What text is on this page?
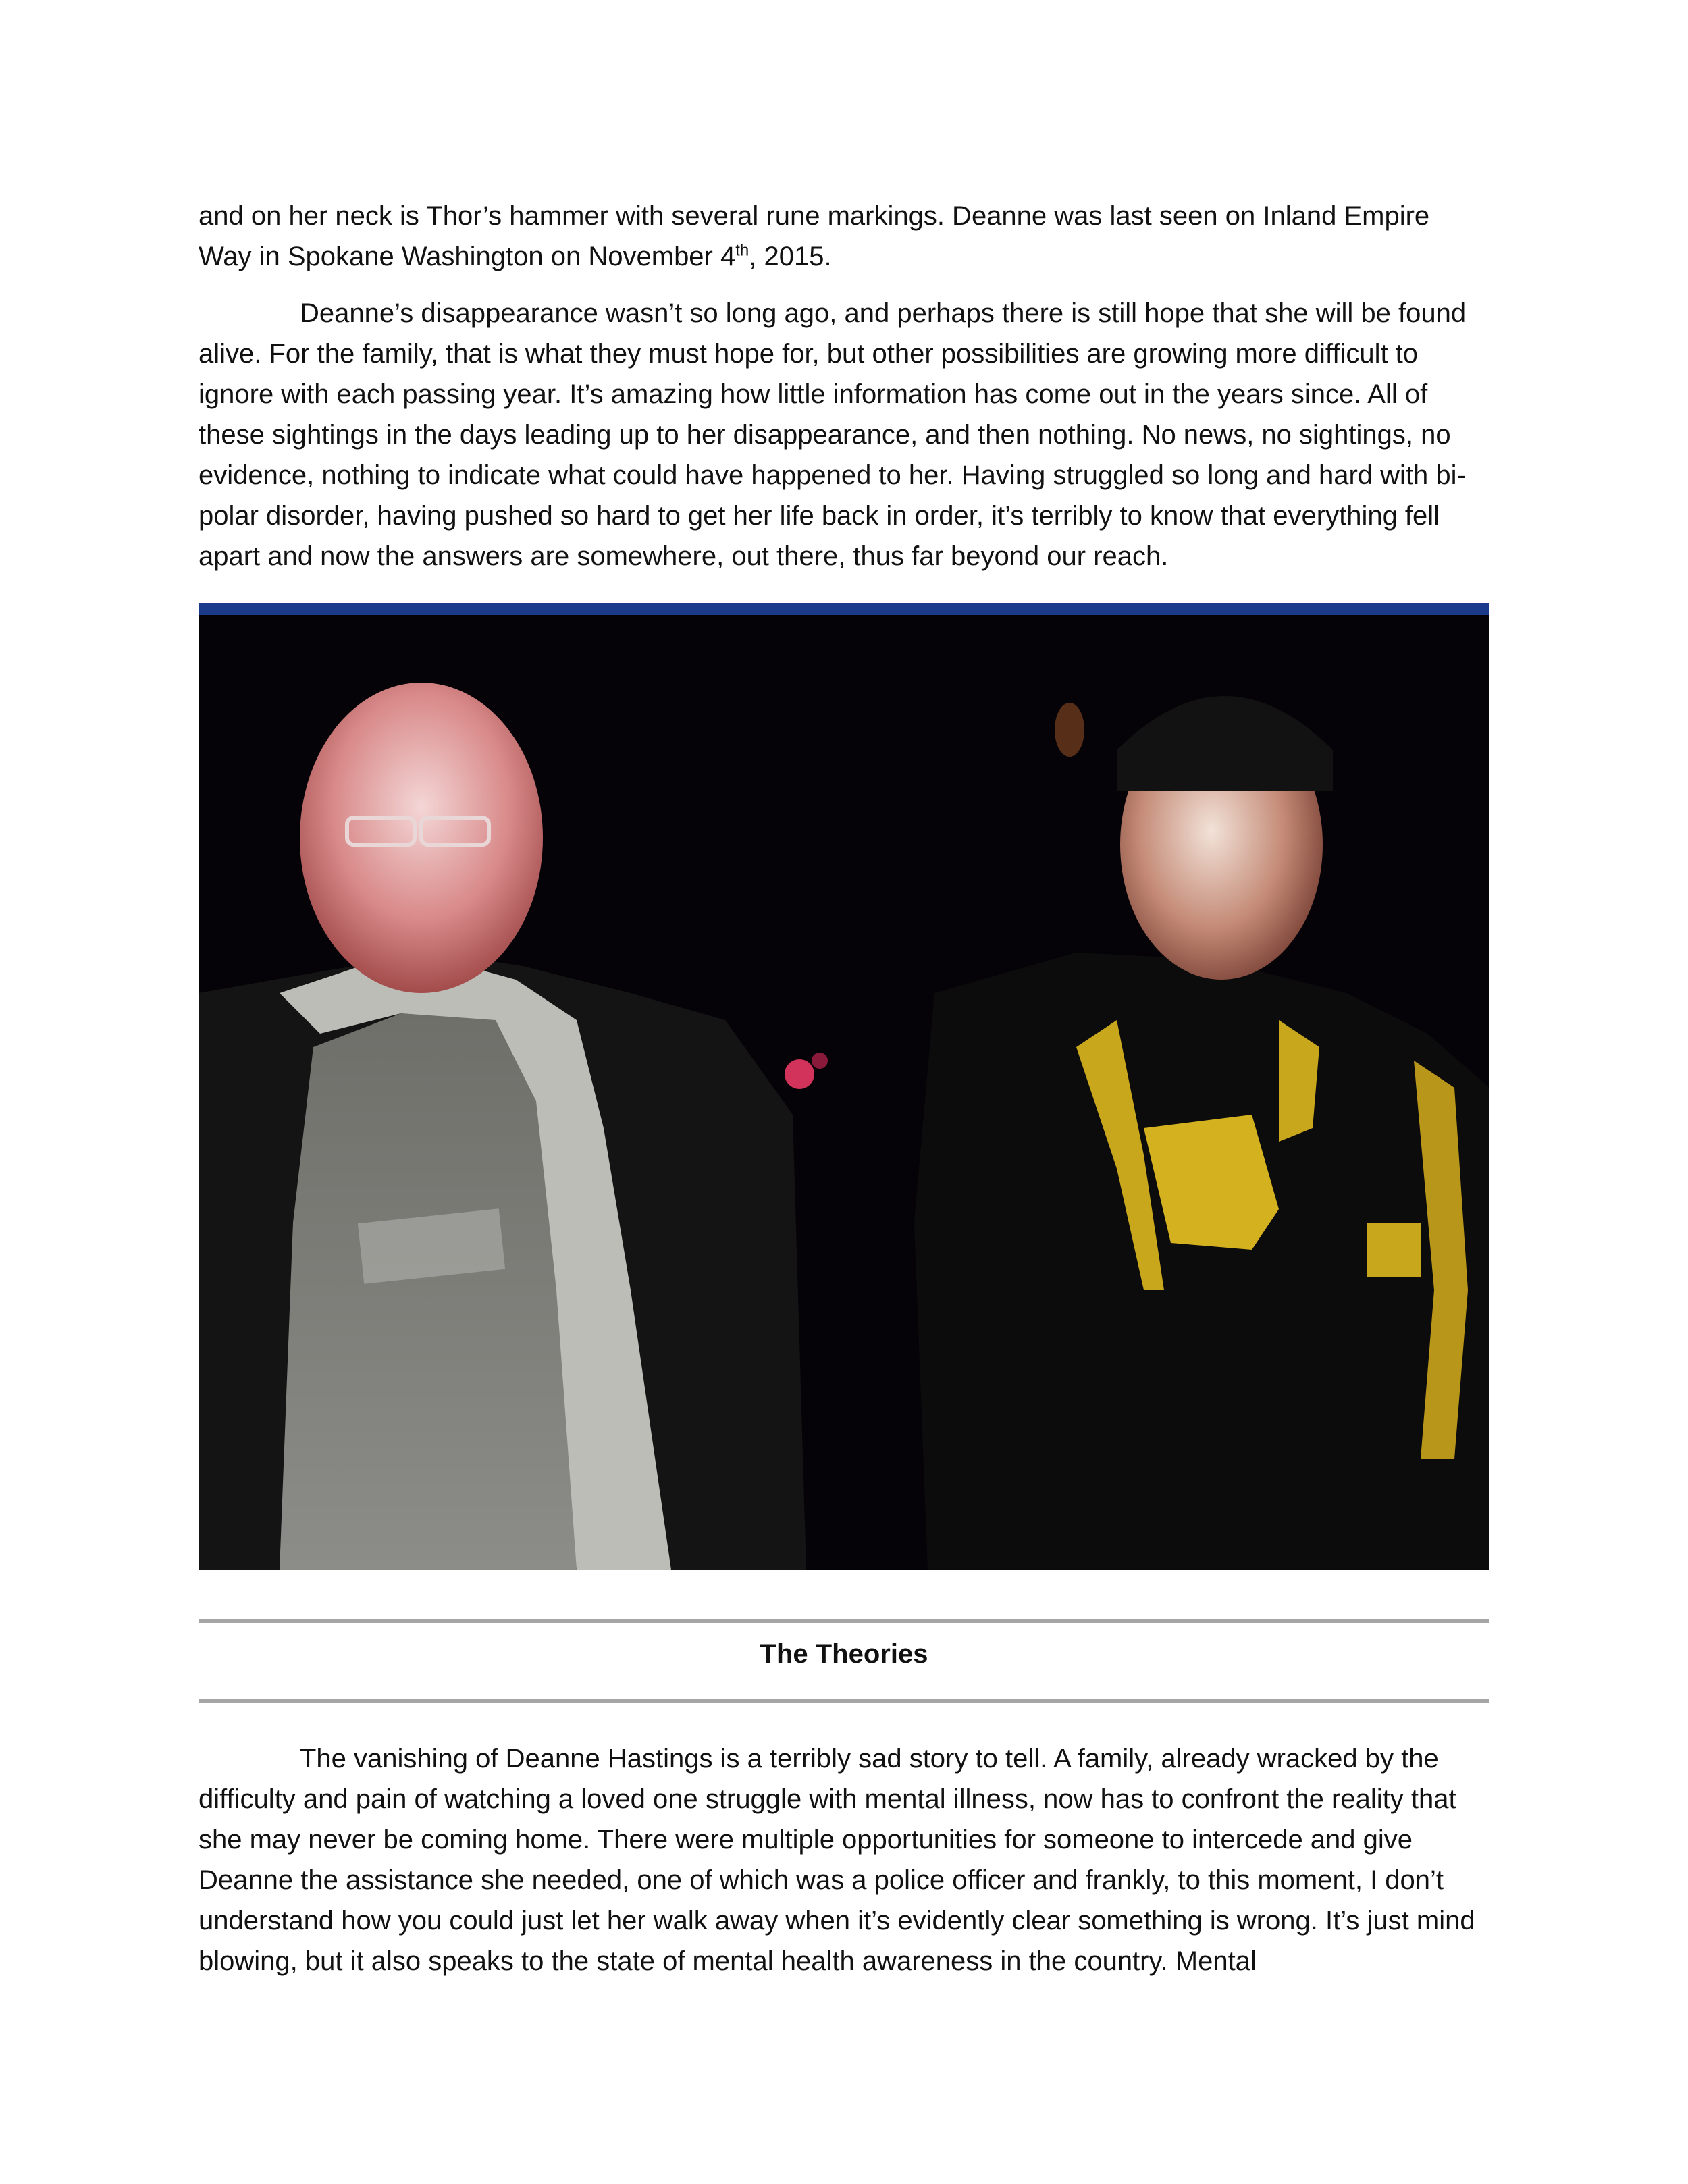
and on her neck is Thor’s hammer with several rune markings. Deanne was last seen on Inland Empire
Way in Spokane Washington on November 4th, 2015.

Deanne’s disappearance wasn’t so long ago, and perhaps there is still hope that she will be found alive. For the family, that is what they must hope for, but other possibilities are growing more difficult to ignore with each passing year. It’s amazing how little information has come out in the years since. All of these sightings in the days leading up to her disappearance, and then nothing. No news, no sightings, no evidence, nothing to indicate what could have happened to her. Having struggled so long and hard with bi-polar disorder, having pushed so hard to get her life back in order, it’s terribly to know that everything fell apart and now the answers are somewhere, out there, thus far beyond our reach.

The Theories

The vanishing of Deanne Hastings is a terribly sad story to tell. A family, already wracked by the difficulty and pain of watching a loved one struggle with mental illness, now has to confront the reality that she may never be coming home. There were multiple opportunities for someone to intercede and give Deanne the assistance she needed, one of which was a police officer and frankly, to this moment, I don’t understand how you could just let her walk away when it’s evidently clear something is wrong. It’s just mind blowing, but it also speaks to the state of mental health awareness in the country. Mental
